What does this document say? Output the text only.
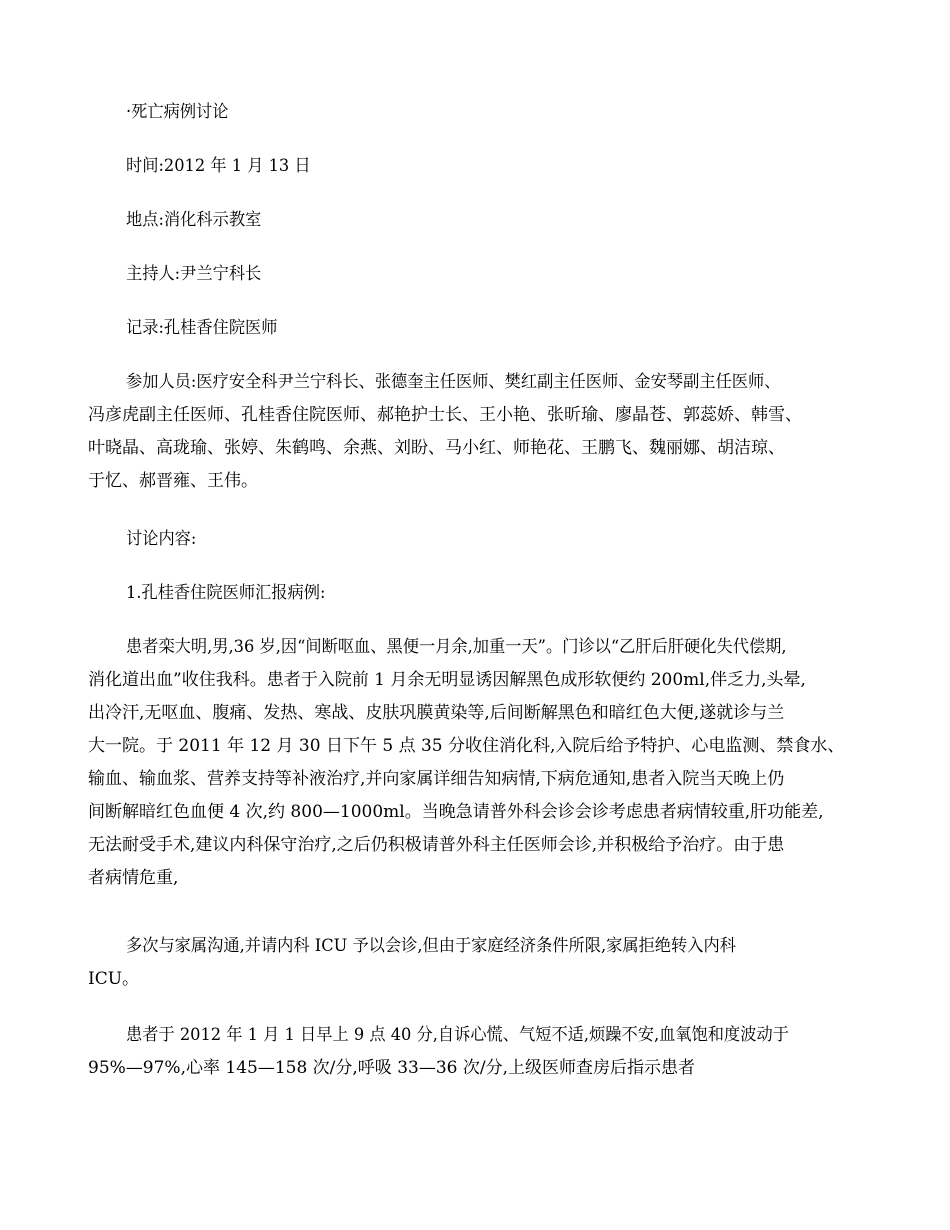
·死亡病例讨论
时间:2012 年 1 月 13 日
地点:消化科示教室
主持人:尹兰宁科长
记录:孔桂香住院医师
参加人员:医疗安全科尹兰宁科长、张德奎主任医师、樊红副主任医师、金安琴副主任医师、
冯彦虎副主任医师、孔桂香住院医师、郝艳护士长、王小艳、张昕瑜、廖晶苍、郭蕊娇、韩雪、
叶晓晶、高珑瑜、张婷、朱鹤鸣、余燕、刘盼、马小红、师艳花、王鹏飞、魏丽娜、胡洁琼、
于忆、郝晋雍、王伟。
讨论内容:
1.孔桂香住院医师汇报病例:
患者栾大明,男,36 岁,因“间断呕血、黑便一月余,加重一天”。门诊以“乙肝后肝硬化失代偿期,
消化道出血”收住我科。患者于入院前 1 月余无明显诱因解黑色成形软便约 200ml,伴乏力,头晕,
出冷汗,无呕血、腹痛、发热、寒战、皮肤巩膜黄染等,后间断解黑色和暗红色大便,遂就诊与兰
大一院。于 2011 年 12 月 30 日下午 5 点 35 分收住消化科,入院后给予特护、心电监测、禁食水、
输血、输血浆、营养支持等补液治疗,并向家属详细告知病情,下病危通知,患者入院当天晚上仍
间断解暗红色血便 4 次,约 800—1000ml。当晚急请普外科会诊会诊考虑患者病情较重,肝功能差,
无法耐受手术,建议内科保守治疗,之后仍积极请普外科主任医师会诊,并积极给予治疗。由于患
者病情危重,
多次与家属沟通,并请内科 ICU 予以会诊,但由于家庭经济条件所限,家属拒绝转入内科
ICU。
患者于 2012 年 1 月 1 日早上 9 点 40 分,自诉心慌、气短不适,烦躁不安,血氧饱和度波动于
95%—97%,心率 145—158 次/分,呼吸 33—36 次/分,上级医师查房后指示患者
